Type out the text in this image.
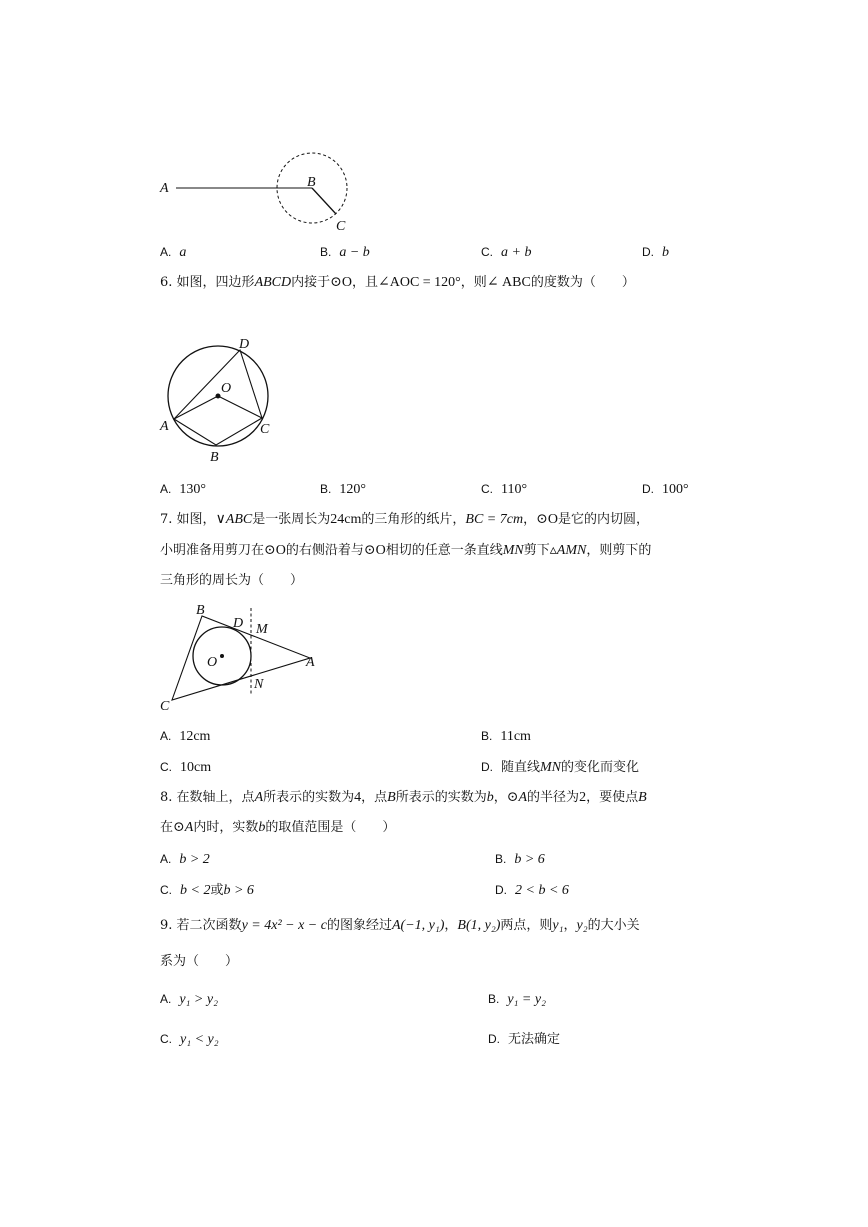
A	B
C
A. a	B. a − b	C. a + b	D. b
6. 如图，四边形ABCD内接于⊙O，且∠AOC = 120°，则∠ ABC的度数为（　　）
D
O
A	C
B
A. 130°	B. 120°	C. 110°	D. 100°
7. 如图，∨ABC是一张周长为24cm的三角形的纸片，BC = 7cm，⊙O是它的内切圆，
小明准备用剪刀在⊙O的右侧沿着与⊙O相切的任意一条直线MN剪下▵AMN，则剪下的
三角形的周长为（　　）
B
D M
O	A
N
C
A. 12cm	B. 11cm
C. 10cm	D. 随直线MN的变化而变化
8. 在数轴上，点A所表示的实数为4，点B所表示的实数为b，⊙A的半径为2，要使点B
在⊙A内时，实数b的取值范围是（　　）
A. b > 2	B. b > 6
C. b < 2或b > 6	D. 2 < b < 6
9. 若二次函数y = 4x² − x − c的图象经过A(−1, y₁)，B(1, y₂)两点，则y₁，y₂的大小关
系为（　　）
A. y₁ > y₂	B. y₁ = y₂
C. y₁ < y₂	D. 无法确定
